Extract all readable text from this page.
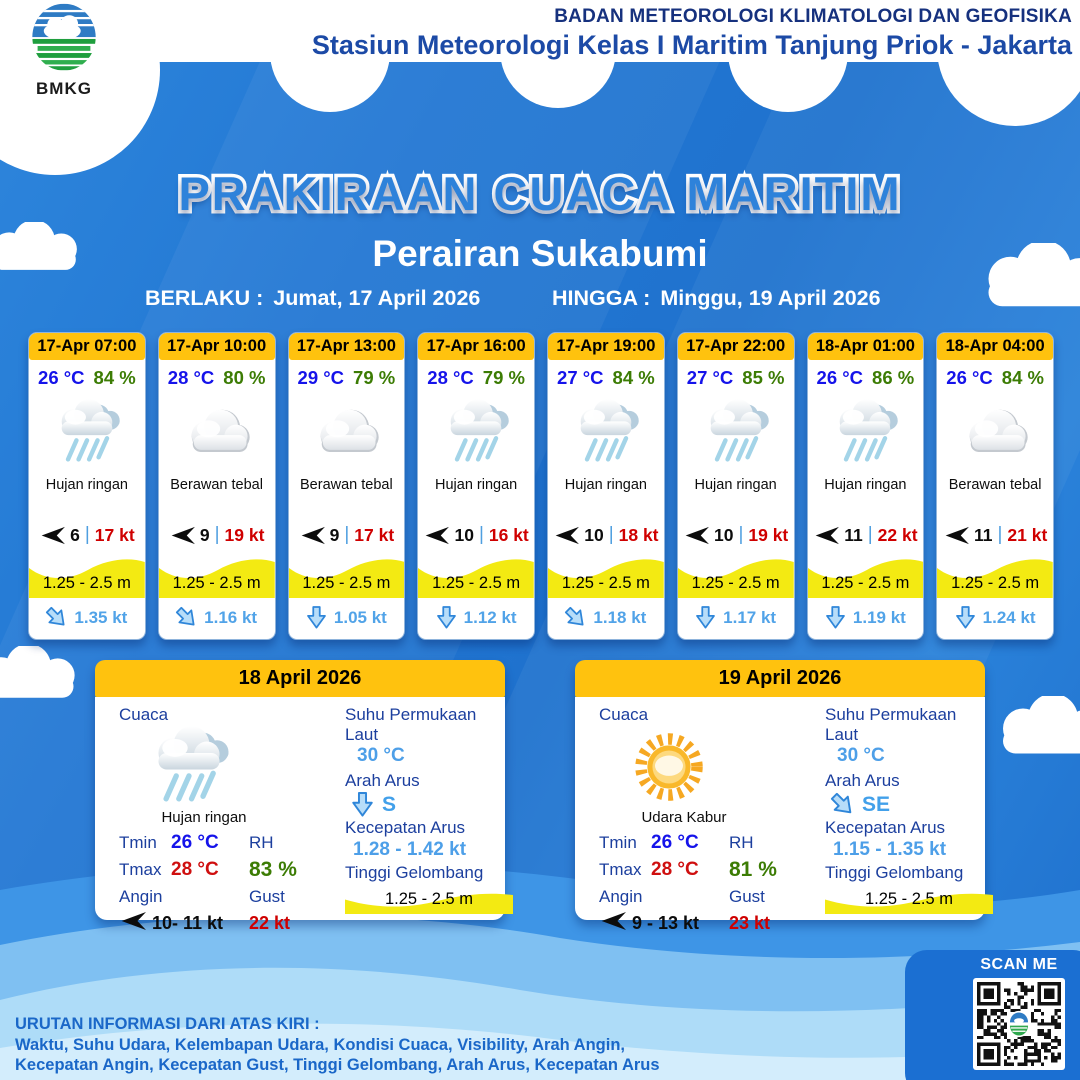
BMKG
BADAN METEOROLOGI KLIMATOLOGI DAN GEOFISIKA
Stasiun Meteorologi Kelas I Maritim Tanjung Priok - Jakarta
PRAKIRAAN CUACA MARITIM
Perairan Sukabumi
BERLAKU : Jumat, 17 April 2026	HINGGA : Minggu, 19 April 2026
17-Apr 07:00
26 °C 84 %
Hujan ringan
6 | 17 kt
1.25 - 2.5 m
1.35 kt
17-Apr 10:00
28 °C 80 %
Berawan tebal
9 | 19 kt
1.25 - 2.5 m
1.16 kt
17-Apr 13:00
29 °C 79 %
Berawan tebal
9 | 17 kt
1.25 - 2.5 m
1.05 kt
17-Apr 16:00
28 °C 79 %
Hujan ringan
10 | 16 kt
1.25 - 2.5 m
1.12 kt
17-Apr 19:00
27 °C 84 %
Hujan ringan
10 | 18 kt
1.25 - 2.5 m
1.18 kt
17-Apr 22:00
27 °C 85 %
Hujan ringan
10 | 19 kt
1.25 - 2.5 m
1.17 kt
18-Apr 01:00
26 °C 86 %
Hujan ringan
11 | 22 kt
1.25 - 2.5 m
1.19 kt
18-Apr 04:00
26 °C 84 %
Berawan tebal
11 | 21 kt
1.25 - 2.5 m
1.24 kt
18 April 2026
Cuaca
Hujan ringan
Tmin 26 °C
Tmax 28 °C
Angin
10- 11 kt
RH
83 %
Gust
22 kt
Suhu Permukaan Laut
30 °C
Arah Arus
S
Kecepatan Arus
1.28 - 1.42 kt
Tinggi Gelombang
1.25 - 2.5 m
19 April 2026
Cuaca
Udara Kabur
Tmin 26 °C
Tmax 28 °C
Angin
9 - 13 kt
RH
81 %
Gust
23 kt
Suhu Permukaan Laut
30 °C
Arah Arus
SE
Kecepatan Arus
1.15 - 1.35 kt
Tinggi Gelombang
1.25 - 2.5 m
SCAN ME
URUTAN INFORMASI DARI ATAS KIRI :
Waktu, Suhu Udara, Kelembapan Udara, Kondisi Cuaca, Visibility, Arah Angin,
Kecepatan Angin, Kecepatan Gust, Tinggi Gelombang, Arah Arus, Kecepatan Arus
